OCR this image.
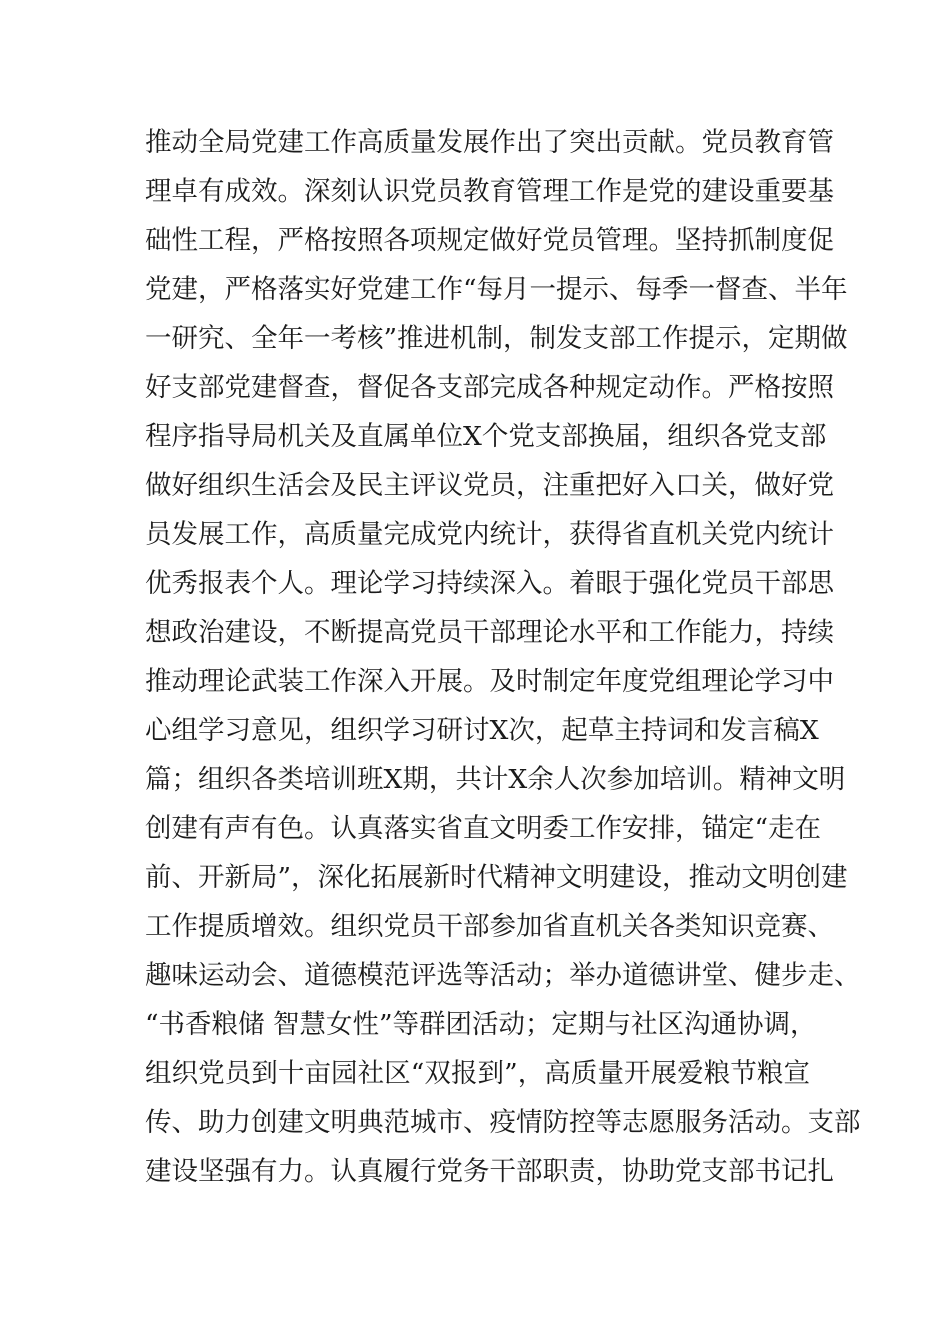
推动全局党建工作高质量发展作出了突出贡献。党员教育管
理卓有成效。深刻认识党员教育管理工作是党的建设重要基
础性工程，严格按照各项规定做好党员管理。坚持抓制度促
党建，严格落实好党建工作“每月一提示、每季一督查、半年
一研究、全年一考核”推进机制，制发支部工作提示，定期做
好支部党建督查，督促各支部完成各种规定动作。严格按照
程序指导局机关及直属单位X个党支部换届，组织各党支部
做好组织生活会及民主评议党员，注重把好入口关，做好党
员发展工作，高质量完成党内统计，获得省直机关党内统计
优秀报表个人。理论学习持续深入。着眼于强化党员干部思
想政治建设，不断提高党员干部理论水平和工作能力，持续
推动理论武装工作深入开展。及时制定年度党组理论学习中
心组学习意见，组织学习研讨X次，起草主持词和发言稿X
篇；组织各类培训班X期，共计X余人次参加培训。精神文明
创建有声有色。认真落实省直文明委工作安排，锚定“走在
前、开新局”，深化拓展新时代精神文明建设，推动文明创建
工作提质增效。组织党员干部参加省直机关各类知识竞赛、
趣味运动会、道德模范评选等活动；举办道德讲堂、健步走、
“书香粮储 智慧女性”等群团活动；定期与社区沟通协调，
组织党员到十亩园社区“双报到”，高质量开展爱粮节粮宣
传、助力创建文明典范城市、疫情防控等志愿服务活动。支部
建设坚强有力。认真履行党务干部职责，协助党支部书记扎
